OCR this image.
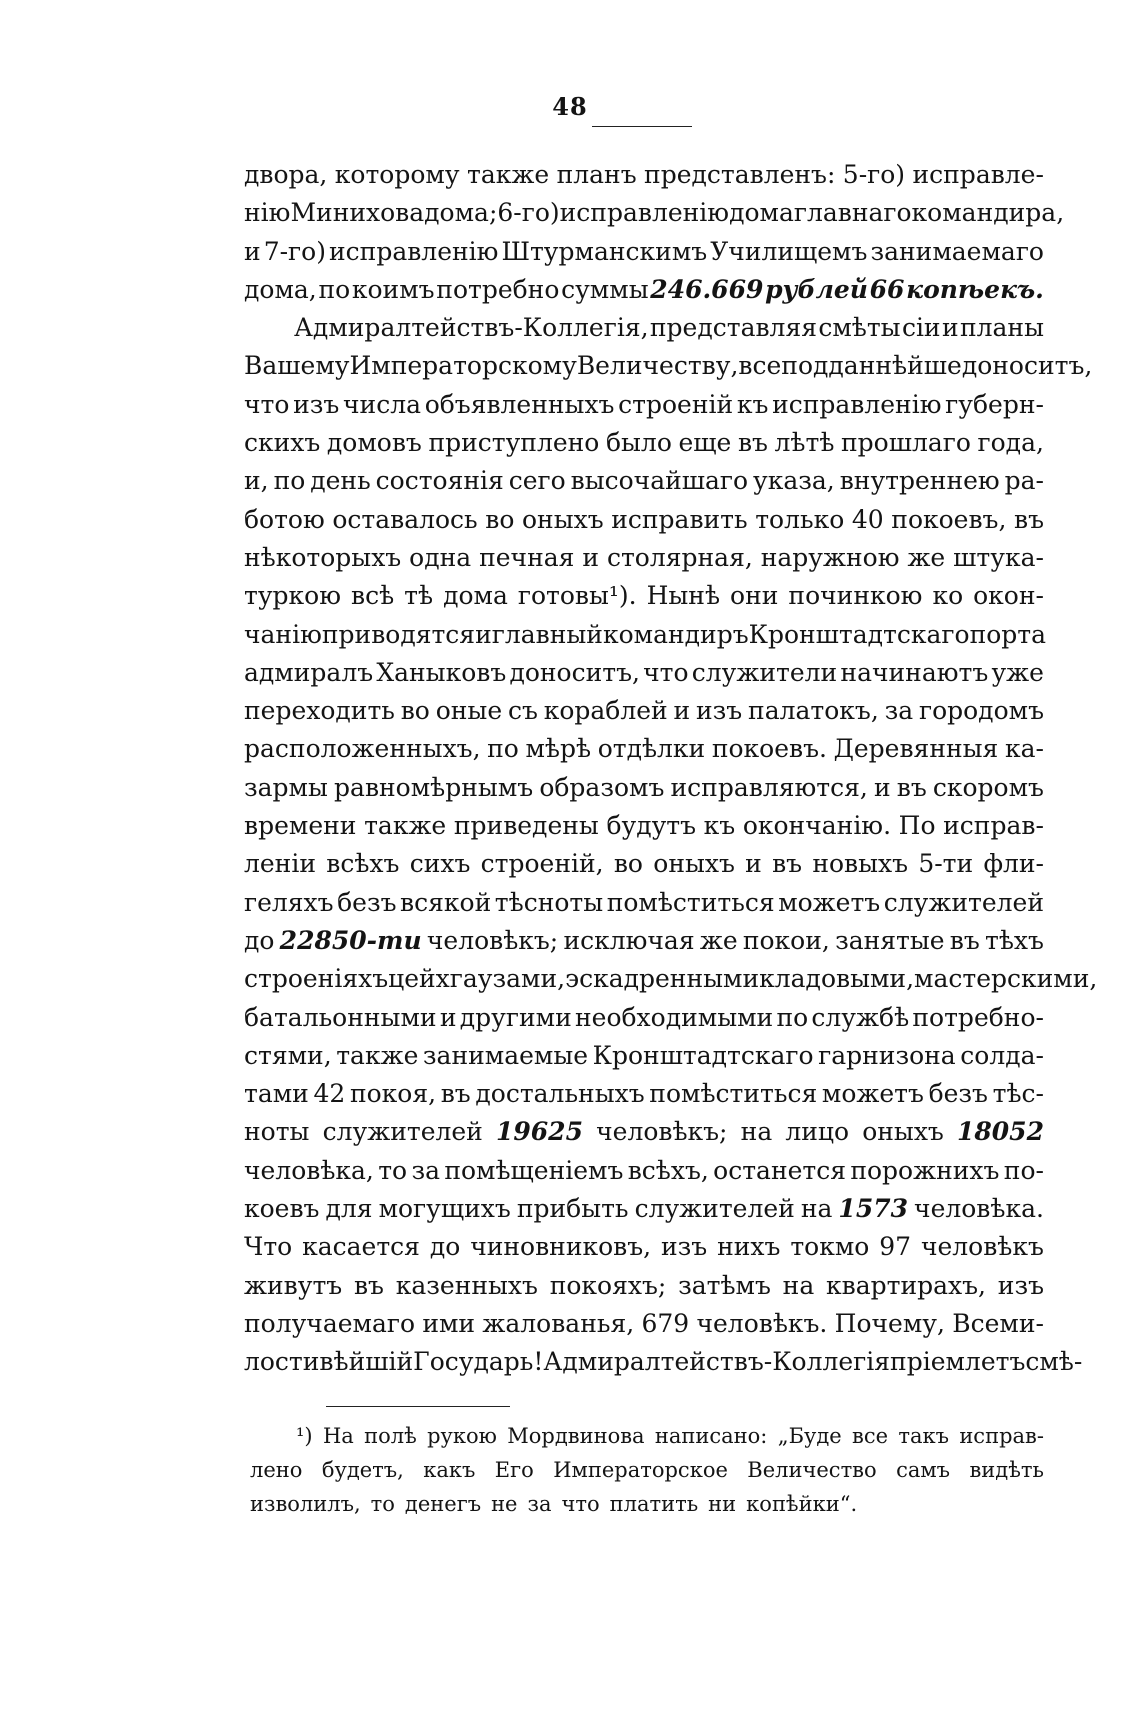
48
двора, которому также планъ представленъ: 5-го) исправле-
нiю Минихова дома; 6-го) исправленiю дома главнаго командира,
и 7-го) исправленiю Штурманскимъ Училищемъ занимаемаго
дома, по коимъ потребно суммы 246.669 рублей 66 копѣекъ.
Адмиралтействъ-Коллегiя, представляя смѣты сiи и планы
Вашему Императорскому Величеству, всеподданнѣйше доноситъ,
что изъ числа объявленныхъ строенiй къ исправленiю губерн-
скихъ домовъ приступлено было еще въ лѣтѣ прошлаго года,
и, по день состоянiя сего высочайшаго указа, внутреннею ра-
ботою оставалось во оныхъ исправить только 40 покоевъ, въ
нѣкоторыхъ одна печная и столярная, наружною же штука-
туркою всѣ тѣ дома готовы¹). Нынѣ они починкою ко окон-
чанiю приводятся и главный командиръ Кронштадтскаго порта
адмиралъ Ханыковъ доноситъ, что служители начинаютъ уже
переходить во оные съ кораблей и изъ палатокъ, за городомъ
расположенныхъ, по мѣрѣ отдѣлки покоевъ. Деревянныя ка-
зармы равномѣрнымъ образомъ исправляются, и въ скоромъ
времени также приведены будутъ къ окончанiю. По исправ-
ленiи всѣхъ сихъ строенiй, во оныхъ и въ новыхъ 5-ти фли-
геляхъ безъ всякой тѣсноты помѣститься можетъ служителей
до 22850-ти человѣкъ; исключая же покои, занятые въ тѣхъ
строенiяхъ цейхгаузами, эскадренными кладовыми, мастерскими,
батальонными и другими необходимыми по службѣ потребно-
стями, также занимаемые Кронштадтскаго гарнизона солда-
тами 42 покоя, въ достальныхъ помѣститься можетъ безъ тѣс-
ноты служителей 19625 человѣкъ; на лицо оныхъ 18052
человѣка, то за помѣщенiемъ всѣхъ, останется порожнихъ по-
коевъ для могущихъ прибыть служителей на 1573 человѣка.
Что касается до чиновниковъ, изъ нихъ токмо 97 человѣкъ
живутъ въ казенныхъ покояхъ; затѣмъ на квартирахъ, изъ
получаемаго ими жалованья, 679 человѣкъ. Почему, Всеми-
лостивѣйшiй Государь! Адмиралтействъ-Коллегiя прiемлетъ смѣ-
¹) На полѣ рукою Мордвинова написано: „Буде все такъ исправ-
лено будетъ, какъ Его Императорское Величество самъ видѣть
изволилъ, то денегъ не за что платить ни копѣйки“.
